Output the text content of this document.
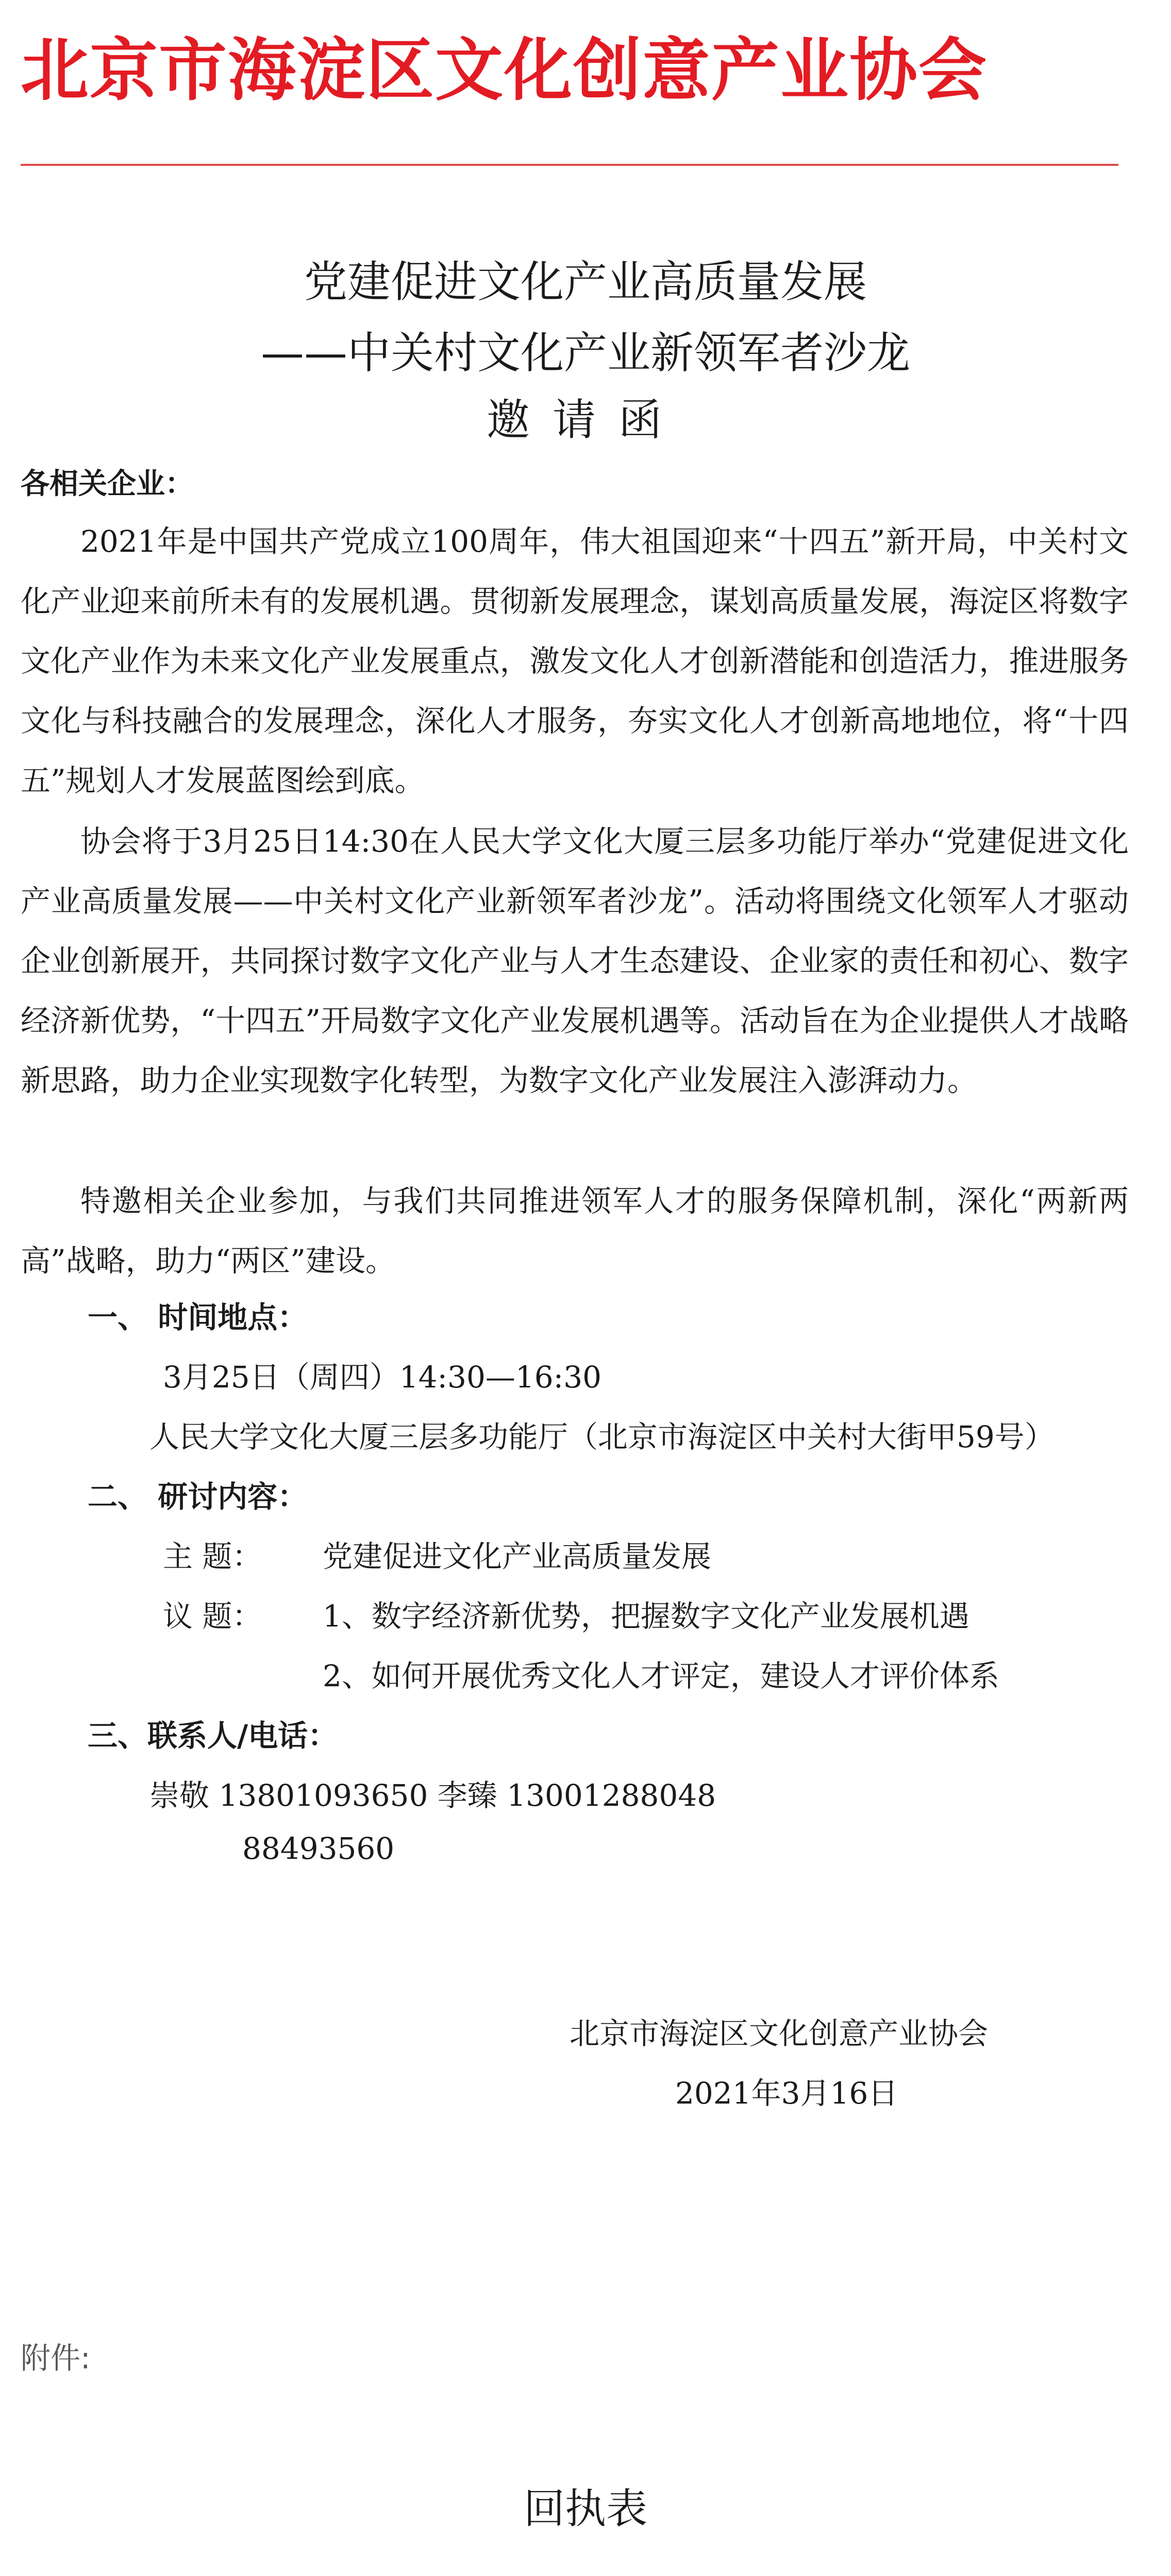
北京市海淀区文化创意产业协会
党建促进文化产业高质量发展
——中关村文化产业新领军者沙龙
邀请函
各相关企业：
2021年是中国共产党成立100周年，伟大祖国迎来“十四五”新开局，中关村文化产业迎来前所未有的发展机遇。贯彻新发展理念，谋划高质量发展，海淀区将数字文化产业作为未来文化产业发展重点，激发文化人才创新潜能和创造活力，推进服务文化与科技融合的发展理念，深化人才服务，夯实文化人才创新高地地位，将“十四五”规划人才发展蓝图绘到底。
协会将于3月25日14:30在人民大学文化大厦三层多功能厅举办“党建促进文化产业高质量发展——中关村文化产业新领军者沙龙”。活动将围绕文化领军人才驱动企业创新展开，共同探讨数字文化产业与人才生态建设、企业家的责任和初心、数字经济新优势，“十四五”开局数字文化产业发展机遇等。活动旨在为企业提供人才战略新思路，助力企业实现数字化转型，为数字文化产业发展注入澎湃动力。
特邀相关企业参加，与我们共同推进领军人才的服务保障机制，深化“两新两高”战略，助力“两区”建设。
一、 时间地点：
3月25日（周四）14:30—16:30
人民大学文化大厦三层多功能厅（北京市海淀区中关村大街甲59号）
二、 研讨内容：
主 题： 党建促进文化产业高质量发展
议 题： 1、数字经济新优势，把握数字文化产业发展机遇
2、如何开展优秀文化人才评定，建设人才评价体系
三、联系人/电话：
崇敬 13801093650 李臻 13001288048
88493560
北京市海淀区文化创意产业协会
2021年3月16日
附件:
回执表
